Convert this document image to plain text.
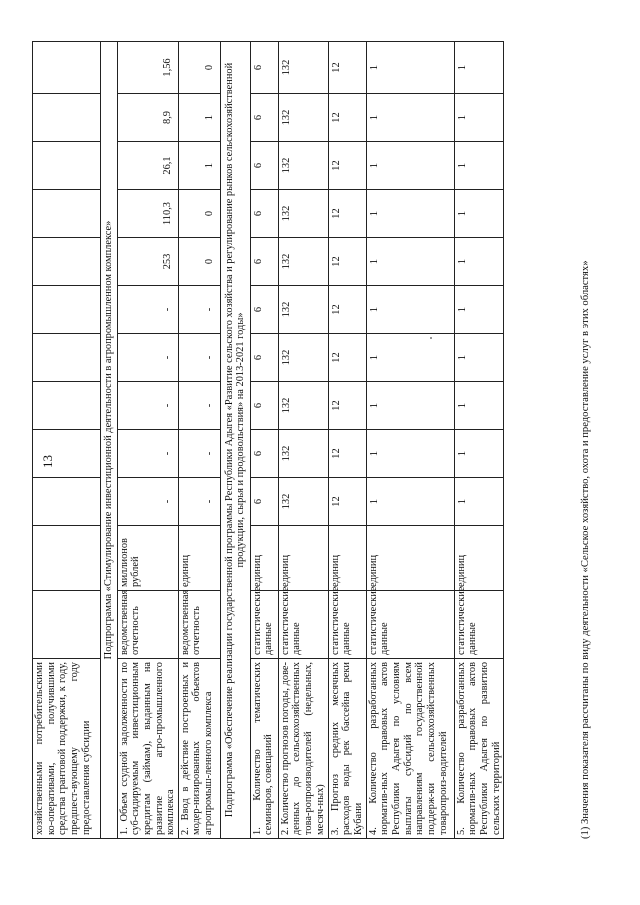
13
хозяйственными потребительскими ко-оперативами, получившими средства грантовой поддержки, к году, предшест-вующему году предоставления субсидии												
Подпрограмма «Стимулирование инвестиционной деятельности в агропромышленном комплексе»												
1. Объем ссудной задолженности по суб-сидируемым инвестиционным кредитам (займам), выданным на развитие агро-промышленного комплекса	ведомственная отчетность	миллионов рублей	-	-	-	-	-	253	110,3	26,1	8,9	1,56
2. Ввод в действие построенных и модер-низированных объектов агропромыш-ленного комплекса	ведомственная отчетность	единиц	-	-	-	-	-	0	0	1	1	0
Подпрограмма «Обеспечение реализации государственной программы Республики Адыгея «Развитие сельского хозяйства и регулирование рынков сельскохозяйственной продукции, сырья и продовольствия» на 2013-2021 годы»												
1. Количество тематических семинаров, совещаний	статистические данные	единиц	6	6	6	6	6	6	6	6	6	6
2. Количество прогнозов погоды, дове-денных до сельскохозяйственных това-ропроизводителей (недельных, месяч-ных)	статистические данные	единиц	132	132	132	132	132	132	132	132	132	132
3. Прогноз средних месячных расходов воды рек бассейна реки Кубани	статистические данные	единиц	12	12	12	12	12	12	12	12	12	12
4. Количество разработанных норматив-ных правовых актов Республики Адыгея по условиям выплаты субсидий по всем направлениям государственной поддерж-ки сельскохозяйственных товаропроиз-водителей	статистические данные	единиц	1	1	1	1	1	1	1	1	1	1
5. Количество разработанных норматив-ных правовых актов Республики Адыгея по развитию сельских территорий	статистические данные	единиц	1	1	1	1	1	1	1	1	1	1
(1) Значения показателя рассчитаны по виду деятельности «Сельское хозяйство, охота и предоставление услуг в этих областях»
